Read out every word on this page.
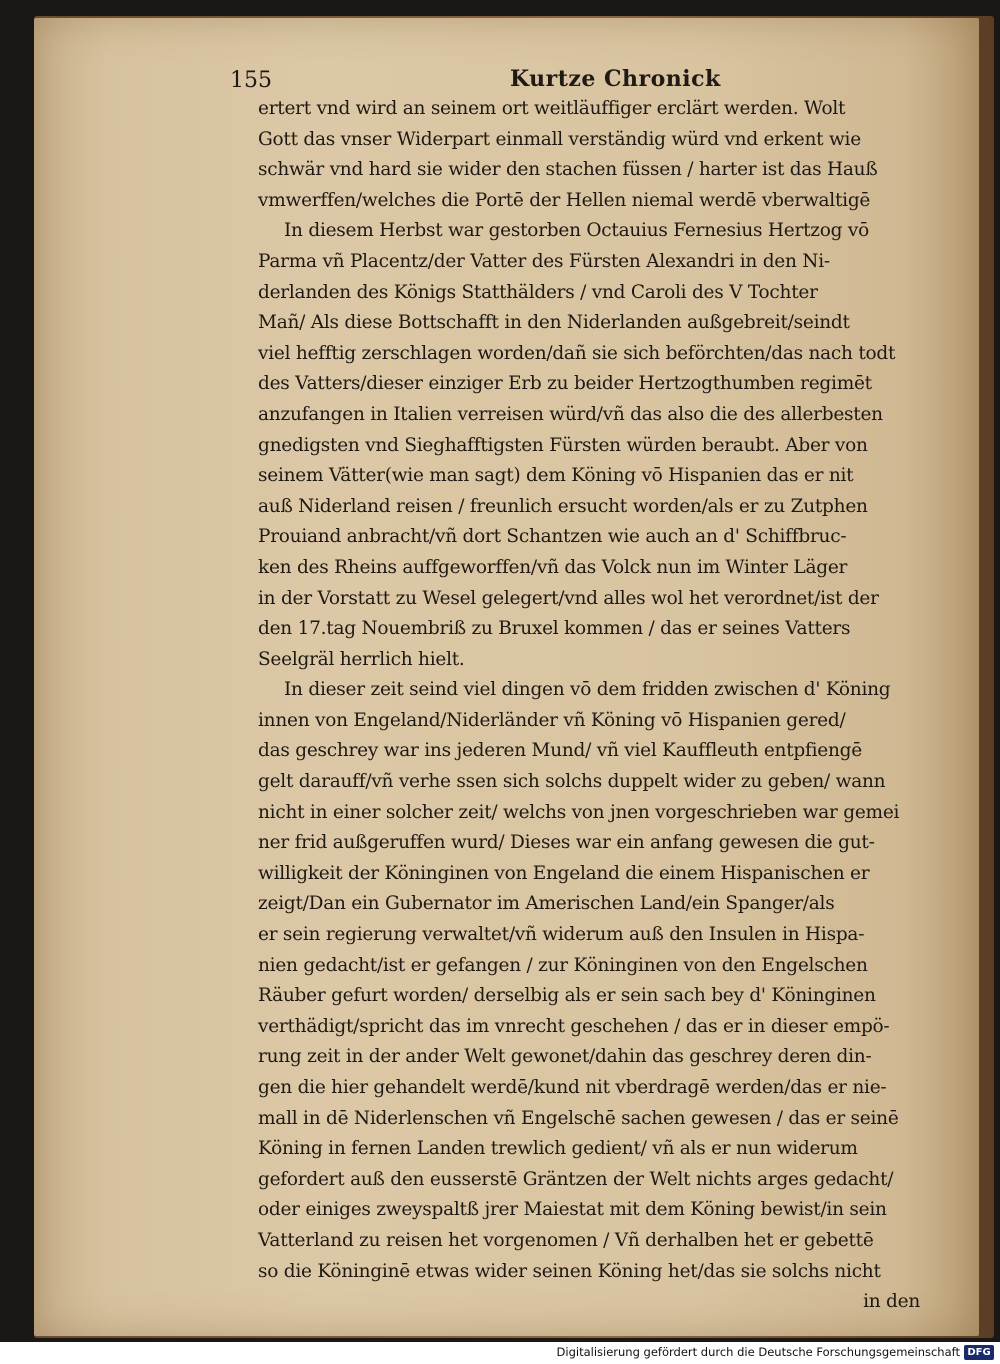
155	Kurtze Chronick
ertert vnd wird an seinem ort weitläuffiger erclärt werden. Wolt
Gott das vnser Widerpart einmall verständig würd vnd erkent wie
schwär vnd hard sie wider den stachen füssen / harter ist das Hauß
vmwerffen/welches die Portē der Hellen niemal werdē vberwaltigē
In diesem Herbst war gestorben Octauius Fernesius Hertzog vō
Parma vñ Placentz/der Vatter des Fürsten Alexandri in den Ni-
derlanden des Königs Statthälders / vnd Caroli des V Tochter
Mañ/ Als diese Bottschafft in den Niderlanden außgebreit/seindt
viel hefftig zerschlagen worden/dañ sie sich beförchten/das nach todt
des Vatters/dieser einziger Erb zu beider Hertzogthumben regimēt
anzufangen in Italien verreisen würd/vñ das also die des allerbesten
gnedigsten vnd Sieghafftigsten Fürsten würden beraubt. Aber von
seinem Vätter(wie man sagt) dem Köning vō Hispanien das er nit
auß Niderland reisen / freunlich ersucht worden/als er zu Zutphen
Prouiand anbracht/vñ dort Schantzen wie auch an d' Schiffbruc-
ken des Rheins auffgeworffen/vñ das Volck nun im Winter Läger
in der Vorstatt zu Wesel gelegert/vnd alles wol het verordnet/ist der
den 17.tag Nouembriß zu Bruxel kommen / das er seines Vatters
Seelgräl herrlich hielt.
In dieser zeit seind viel dingen vō dem fridden zwischen d' Köning
innen von Engeland/Niderländer vñ Köning vō Hispanien gered/
das geschrey war ins jederen Mund/ vñ viel Kauffleuth entpfiengē
gelt darauff/vñ verhe ssen sich solchs duppelt wider zu geben/ wann
nicht in einer solcher zeit/ welchs von jnen vorgeschrieben war gemei
ner frid außgeruffen wurd/ Dieses war ein anfang gewesen die gut-
willigkeit der Köninginen von Engeland die einem Hispanischen er
zeigt/Dan ein Gubernator im Amerischen Land/ein Spanger/als
er sein regierung verwaltet/vñ widerum auß den Insulen in Hispa-
nien gedacht/ist er gefangen / zur Köninginen von den Engelschen
Räuber gefurt worden/ derselbig als er sein sach bey d' Köninginen
verthädigt/spricht das im vnrecht geschehen / das er in dieser empö-
rung zeit in der ander Welt gewonet/dahin das geschrey deren din-
gen die hier gehandelt werdē/kund nit vberdragē werden/das er nie-
mall in dē Niderlenschen vñ Engelschē sachen gewesen / das er seinē
Köning in fernen Landen trewlich gedient/ vñ als er nun widerum
gefordert auß den eusserstē Gräntzen der Welt nichts arges gedacht/
oder einiges zweyspaltß jrer Maiestat mit dem Köning bewist/in sein
Vatterland zu reisen het vorgenomen / Vñ derhalben het er gebettē
so die Köninginē etwas wider seinen Köning het/das sie solchs nicht
in den
Digitalisierung gefördert durch die Deutsche Forschungsgemeinschaft DFG
